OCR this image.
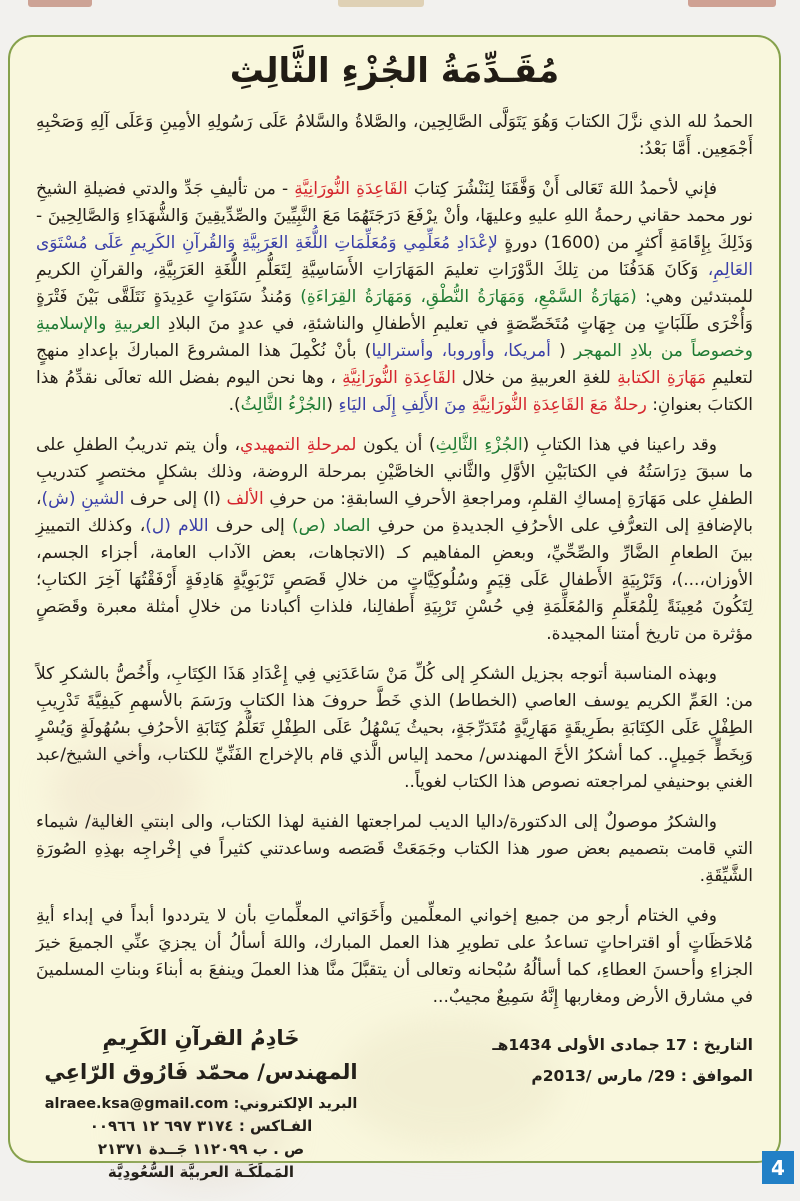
مُقَـدِّمَةُ الجُزْءِ الثَّالِثِ

الحمدُ لله الذي نزَّلَ الكتابَ وَهُوَ يَتَوَلَّى الصَّالِحِين، والصَّلاةُ والسَّلامُ عَلَى رَسُولِهِ الأمِينِ وَعَلَى آلِهِ وَصَحْبِهِ أَجْمَعِين. أَمَّا بَعْدُ:

فإني لأحمدُ اللهَ تَعَالى أَنْ وَفَّقَنَا لِنَنْشُرَ كِتابَ القَاعِدَةِ النُّورَانِيَّةِ - من تأليفِ جَدِّ والدتي فضيلةِ الشيخِ نور محمد حقاني رحمةُ اللهِ عليهِ وعليهَا، وأنْ يرْفَعَ دَرَجَتَهُمَا مَعَ النَّبِيِّينَ والصِّدِّيقِينَ وَالشُّهَدَاءِ وَالصَّالِحِينَ - وَذَلِكَ بِإِقَامَةِ أَكثرٍ من (1600) دورةٍ لإعْدَادِ مُعَلِّمِي وَمُعَلِّمَاتِ اللُّغَةِ العَرَبِيَّةِ وَالقُرآنِ الكَرِيمِ عَلَى مُسْتَوَى العَالِمِ، وَكَانَ هَدَفُنَا من تِلكَ الدَّوْرَاتِ تعليمَ المَهَارَاتِ الأَسَاسِيَّةِ لِتَعَلُّمِ اللُّغَةِ العَرَبِيَّةِ، والقرآنِ الكريمِ للمبتدئين وهي: (مَهَارَةُ السَّمْعِ، وَمَهَارَةُ النُّطْقِ، وَمَهَارَةُ القِرَاءَةِ) وَمُنذُ سَنَوَاتٍ عَدِيدَةٍ نَتَلَقَّى بَيْنَ فَتْرَةٍ وَأُخْرَى طَلَبَاتٍ مِن جِهَاتٍ مُتَخَصِّصَةٍ في تعليمِ الأطفالِ والناشئةِ، في عددٍ منَ البلادِ العربيةِ والإسلاميةِ وخصوصاً من بلادِ المهجر ( أمريكا، وأوروبا، وأستراليا) بأنْ نُكْمِلَ هذا المشروعَ المباركَ بإعدادِ منهجٍ لتعليمِ مَهَارَةِ الكتابةِ للغةِ العربيةِ من خلال القَاعِدَةِ النُّورَانِيَّةِ ، وها نحن اليوم بفضل الله تعالَى نقدِّمُ هذا الكتابَ بعنوانِ: رحلةٌ مَعَ القَاعِدَةِ النُّورَانِيَّةِ مِنَ الأَلِفِ إِلَى اليَاءِ (الجُزْءُ الثَّالِثُ).

وقد راعينا في هذا الكتابِ (الجُزْءِ الثَّالِثِ) أن يكون لمرحلةِ التمهيدي، وأن يتم تدريبُ الطفلِ على ما سبقَ دِرَاسَتُهُ في الكتابَيْنِ الأوَّلِ والثَّاني الخاصَّيْنِ بمرحلة الروضة، وذلك بشكلٍ مختصرٍ كتدريبِ الطفلِ على مَهَارَةِ إمساكِ القلمِ، ومراجعةِ الأحرفِ السابقةِ: من حرفِ الألف (ا) إلى حرف الشينِ (ش)، بالإضافةِ إلى التعرُّفِ على الأحرُفِ الجديدةِ من حرفِ الصاد (ص) إلى حرف اللام (ل)، وكذلك التمييزِ بينَ الطعامِ الضَّارِّ والصِّحِّيِّ، وبعضِ المفاهيم كـ (الاتجاهات، بعض الآداب العامة، أجزاء الجسم، الأوزان،...)، وَتَرْبِيَةِ الأَطفالِ عَلَى قِيَمٍ وسُلُوكِيَّاتٍ من خلالِ قَصَصٍ تَرْبَوِيَّةٍ هَادِفَةٍ أَرْفَقْتُهَا آخِرَ الكتابِ؛ لِتَكُونَ مُعِينَةً لِلْمُعَلِّمِ وَالمُعَلِّمَةِ فِي حُسْنِ تَرْبِيَةِ أَطفالِنا، فلذاتِ أكبادنا من خلالِ أمثلة معبرة وقَصَصٍ مؤثرة من تاريخ أمتنا المجيدة.

وبهذه المناسبة أتوجه بجزيل الشكرِ إلى كُلِّ مَنْ سَاعَدَنِي فِي إِعْدَادِ هَذَا الكِتَابِ، وأَخُصُّ بالشكرِ كلاً من: العَمِّ الكريم يوسف العاصي (الخطاط) الذي خَطَّ حروفَ هذا الكتابِ ورَسَمَ بالأسهمِ كَيفِيَّةَ تَدْرِيبِ الطِفْلِ عَلَى الكِتَابَةِ بطَرِيقَةٍ مَهَارِيَّةٍ مُتَدَرِّجَةٍ، بحيثُ يَسْهُلُ عَلَى الطِفْلِ تَعَلُّمُ كِتَابَةِ الأحرُفِ بسُهُولَةٍ وَيُسْرٍ وَبِخَطٍّ جَمِيلٍ.. كما أشكرُ الأخَ المهندس/ محمد إلياس الَّذي قام بالإخراج الفَنِّيِّ للكتاب، وأخي الشيخ/عبد الغني بوحنيفي لمراجعته نصوص هذا الكتاب لغوياً..

والشكرُ موصولٌ إلى الدكتورة/داليا الديب لمراجعتها الفنية لهذا الكتاب، والى ابنتي الغالية/ شيماء التي قامت بتصميم بعض صور هذا الكتاب وجَمَعَتْ قَصَصه وساعدتني كثيراً في إخْراجِه بهذِهِ الصُورَةِ الشَّيِّقَةِ.

وفي الختام أرجو من جميع إخواني المعلِّمين وأَخَوَاتي المعلِّماتِ بأن لا يترددوا أبداً في إبداء أيةِ مُلاحَظَاتٍ أو اقتراحاتٍ تساعدُ على تطويرِ هذا العمل المبارك، واللهَ أسألُ أن يجزيَ عنِّي الجميعَ خيرَ الجزاءِ وأحسنَ العطاءِ، كما أسألُهُ سُبْحانه وتعالى أن يتقبَّلَ منَّا هذا العملَ وينفعَ به أبناءَ وبناتِ المسلمينَ في مشارق الأرض ومغاربها إِنَّهُ سَمِيعٌ مجيبٌ...

التاريخ : 17 جمادى الأولى 1434هـ
الموافق : 29/ مارس /2013م
خَادِمُ القرآنِ الكَرِيمِ
المهندس/ محمّد فَارُوق الرّاعِي
البريد الإلكتروني: alraee.ksa@gmail.com
الفـاكس : ٣١٧٤ ٦٩٧ ١٢ ٠٠٩٦٦
ص . ب ١١٢٠٩٩ جَــدة ٢١٣٧١
المَملَكَـة العربيَّة السُّعُودِيَّة	4
